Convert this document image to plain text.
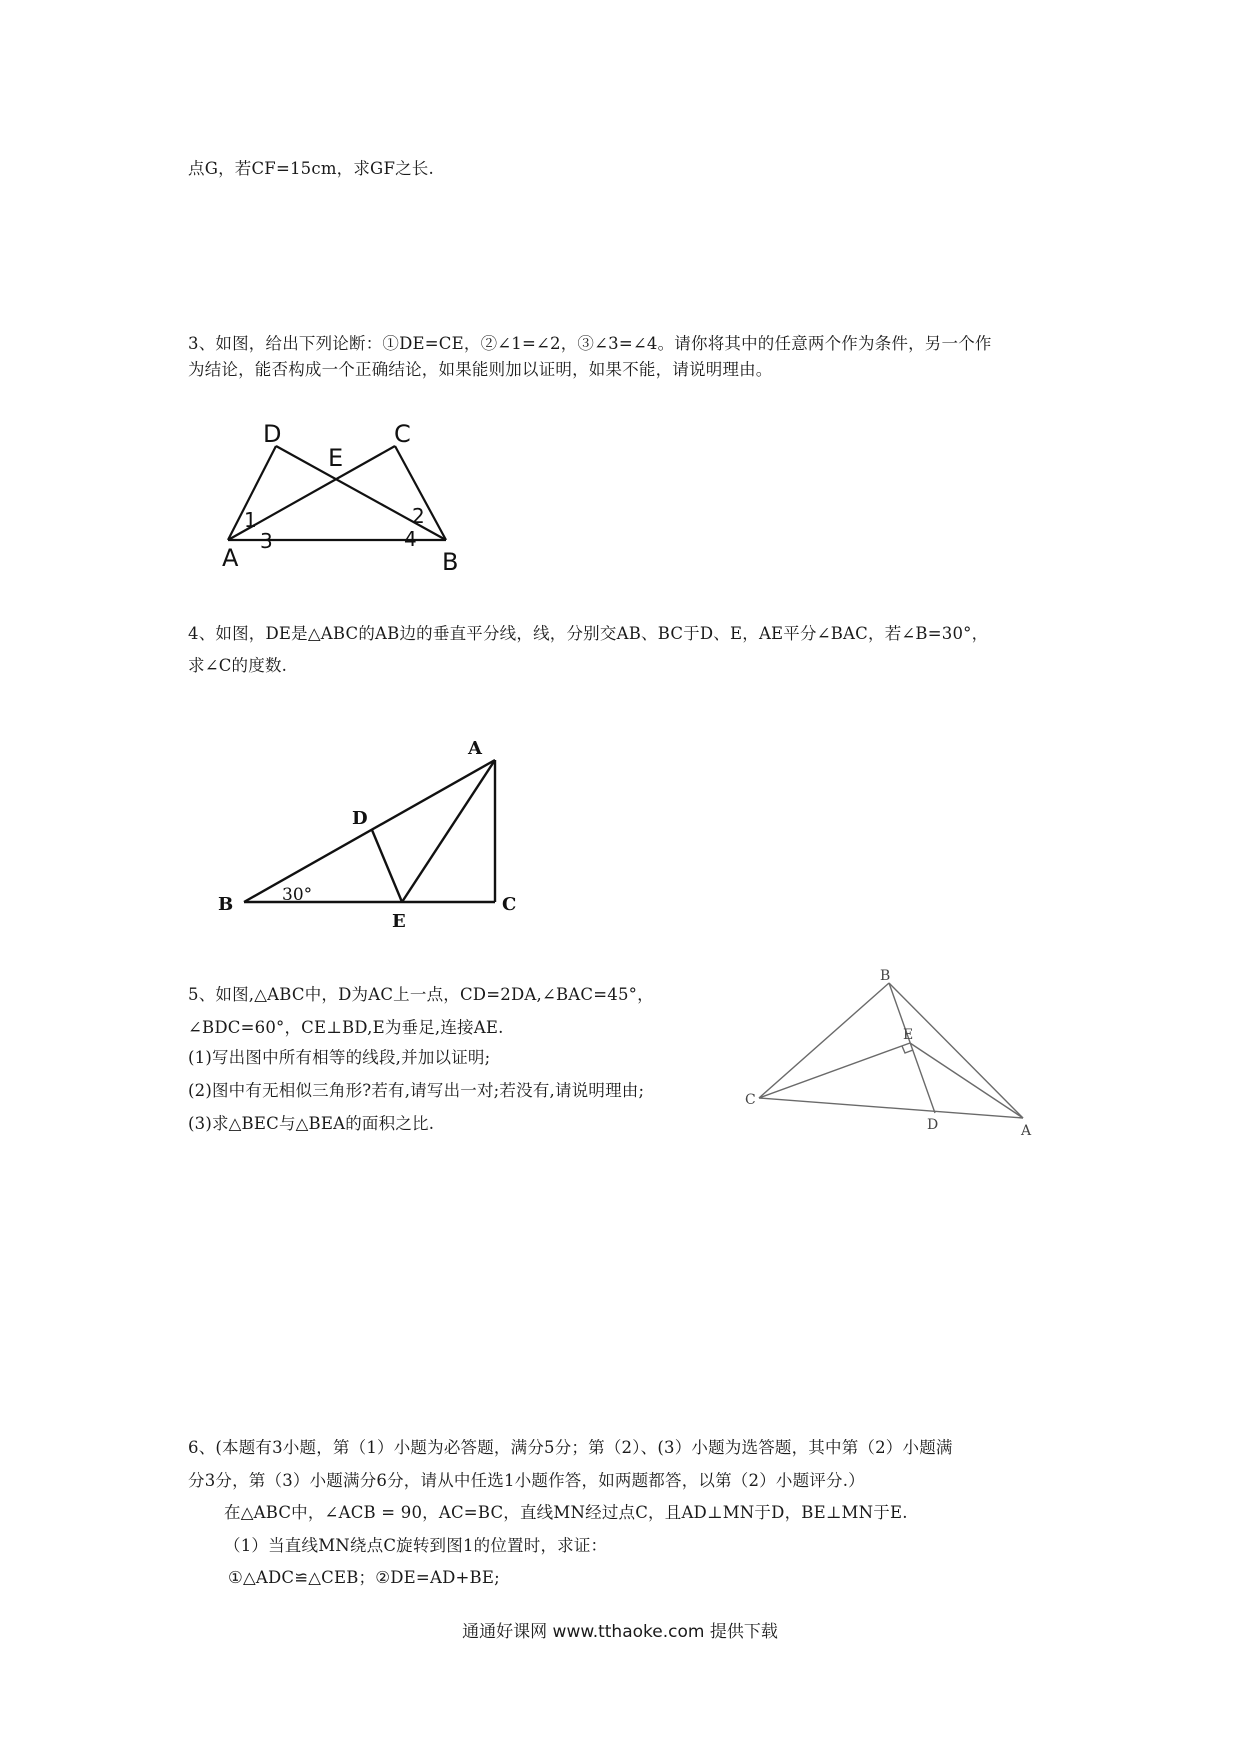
点G，若CF=15cm，求GF之长.
3、如图，给出下列论断：①DE=CE，②∠1=∠2，③∠3=∠4。请你将其中的任意两个作为条件，另一个作
为结论，能否构成一个正确结论，如果能则加以证明，如果不能，请说明理由。
D	C
E
A	B
1	2
3	4
4、如图，DE是△ABC的AB边的垂直平分线，线，分别交AB、BC于D、E，AE平分∠BAC，若∠B=30°，
求∠C的度数.
A
B	C
D
E
30°
5、如图,△ABC中，D为AC上一点，CD=2DA,∠BAC=45°，
∠BDC=60°，CE⊥BD,E为垂足,连接AE.
(1)写出图中所有相等的线段,并加以证明;
(2)图中有无相似三角形?若有,请写出一对;若没有,请说明理由;
(3)求△BEC与△BEA的面积之比.
B
E
C
D	A
6、(本题有3小题，第（1）小题为必答题，满分5分；第（2）、(3）小题为选答题，其中第（2）小题满
分3分，第（3）小题满分6分，请从中任选1小题作答，如两题都答，以第（2）小题评分.）
在△ABC中，∠ACB = 90，AC=BC，直线MN经过点C，且AD⊥MN于D，BE⊥MN于E.
（1）当直线MN绕点C旋转到图1的位置时，求证：
①△ADC≌△CEB；②DE=AD+BE;
通通好课网 www.tthaoke.com 提供下载
